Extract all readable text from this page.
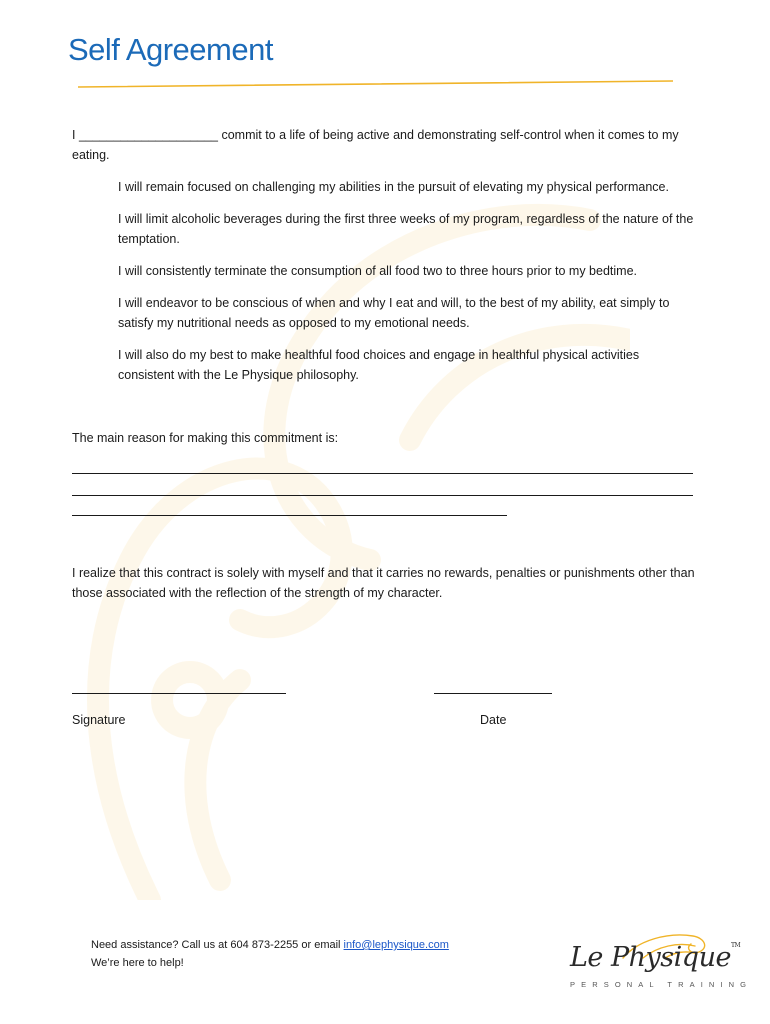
Self Agreement

I ____________________ commit to a life of being active and demonstrating self-control when it comes to my eating.

I will remain focused on challenging my abilities in the pursuit of elevating my physical performance.

I will limit alcoholic beverages during the first three weeks of my program, regardless of the nature of the temptation.

I will consistently terminate the consumption of all food two to three hours prior to my bedtime.

I will endeavor to be conscious of when and why I eat and will, to the best of my ability, eat simply to satisfy my nutritional needs as opposed to my emotional needs.

I will also do my best to make healthful food choices and engage in healthful physical activities consistent with the Le Physique philosophy.

The main reason for making this commitment is:

I realize that this contract is solely with myself and that it carries no rewards, penalties or punishments other than those associated with the reflection of the strength of my character.

Signature	Date
Need assistance? Call us at 604 873-2255 or email info@lephysique.com
We’re here to help!	Le Physique™
PERSONAL TRAINING
